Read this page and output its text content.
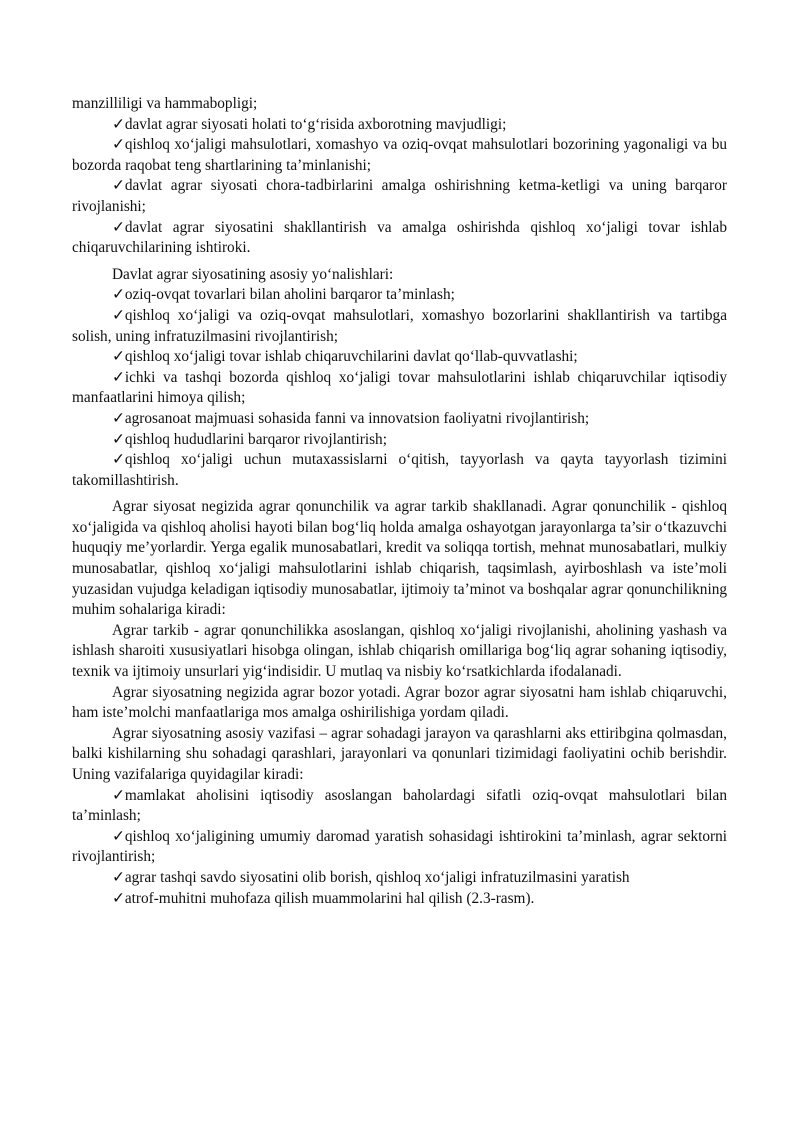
manzilliligi va hammabopligi;

✓davlat agrar siyosati holati to‘g‘risida axborotning mavjudligi;

✓qishloq xo‘jaligi mahsulotlari, xomashyo va oziq-ovqat mahsulotlari bozorining yagonaligi va bu bozorda raqobat teng shartlarining ta’minlanishi;

✓davlat agrar siyosati chora-tadbirlarini amalga oshirishning ketma-ketligi va uning barqaror rivojlanishi;

✓davlat agrar siyosatini shakllantirish va amalga oshirishda qishloq xo‘jaligi tovar ishlab chiqaruvchilarining ishtiroki.

Davlat agrar siyosatining asosiy yo‘nalishlari:

✓oziq-ovqat tovarlari bilan aholini barqaror ta’minlash;

✓qishloq xo‘jaligi va oziq-ovqat mahsulotlari, xomashyo bozorlarini shakllantirish va tartibga solish, uning infratuzilmasini rivojlantirish;

✓qishloq xo‘jaligi tovar ishlab chiqaruvchilarini davlat qo‘llab-quvvatlashi;

✓ichki va tashqi bozorda qishloq xo‘jaligi tovar mahsulotlarini ishlab chiqaruvchilar iqtisodiy manfaatlarini himoya qilish;

✓agrosanoat majmuasi sohasida fanni va innovatsion faoliyatni rivojlantirish;

✓qishloq hududlarini barqaror rivojlantirish;

✓qishloq xo‘jaligi uchun mutaxassislarni o‘qitish, tayyorlash va qayta tayyorlash tizimini takomillashtirish.

Agrar siyosat negizida agrar qonunchilik va agrar tarkib shakllanadi. Agrar qonunchilik - qishloq xo‘jaligida va qishloq aholisi hayoti bilan bog‘liq holda amalga oshayotgan jarayonlarga ta’sir o‘tkazuvchi huquqiy me’yorlardir. Yerga egalik munosabatlari, kredit va soliqqa tortish, mehnat munosabatlari, mulkiy munosabatlar, qishloq xo‘jaligi mahsulotlarini ishlab chiqarish, taqsimlash, ayirboshlash va iste’moli yuzasidan vujudga keladigan iqtisodiy munosabatlar, ijtimoiy ta’minot va boshqalar agrar qonunchilikning muhim sohalariga kiradi:

Agrar tarkib - agrar qonunchilikka asoslangan, qishloq xo‘jaligi rivojlanishi, aholining yashash va ishlash sharoiti xususiyatlari hisobga olingan, ishlab chiqarish omillariga bog‘liq agrar sohaning iqtisodiy, texnik va ijtimoiy unsurlari yig‘indisidir. U mutlaq va nisbiy ko‘rsatkichlarda ifodalanadi.

Agrar siyosatning negizida agrar bozor yotadi. Agrar bozor agrar siyosatni ham ishlab chiqaruvchi, ham iste’molchi manfaatlariga mos amalga oshirilishiga yordam qiladi.

Agrar siyosatning asosiy vazifasi – agrar sohadagi jarayon va qarashlarni aks ettiribgina qolmasdan, balki kishilarning shu sohadagi qarashlari, jarayonlari va qonunlari tizimidagi faoliyatini ochib berishdir. Uning vazifalariga quyidagilar kiradi:

✓mamlakat aholisini iqtisodiy asoslangan baholardagi sifatli oziq-ovqat mahsulotlari bilan ta’minlash;

✓qishloq xo‘jaligining umumiy daromad yaratish sohasidagi ishtirokini ta’minlash, agrar sektorni rivojlantirish;

✓agrar tashqi savdo siyosatini olib borish, qishloq xo‘jaligi infratuzilmasini yaratish

✓atrof-muhitni muhofaza qilish muammolarini hal qilish (2.3-rasm).
